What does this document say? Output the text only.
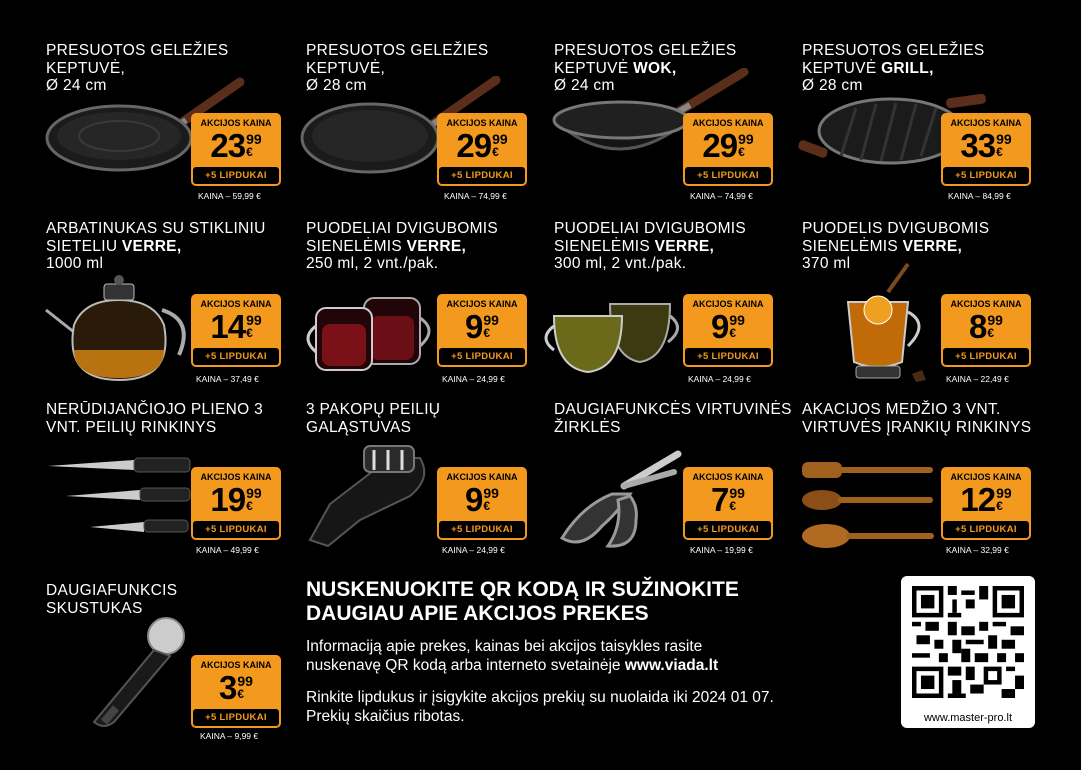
PRESUOTOS GELEŽIES KEPTUVĖ,
Ø 24 cm
PRESUOTOS GELEŽIES KEPTUVĖ,
Ø 28 cm
PRESUOTOS GELEŽIES KEPTUVĖ WOK,
Ø 24 cm
PRESUOTOS GELEŽIES KEPTUVĖ GRILL,
Ø 28 cm
ARBATINUKAS SU STIKLINIU SIETELIU VERRE,
1000 ml
PUODELIAI DVIGUBOMIS SIENELĖMIS VERRE,
250 ml, 2 vnt./pak.
PUODELIAI DVIGUBOMIS SIENELĖMIS VERRE,
300 ml, 2 vnt./pak.
PUODELIS DVIGUBOMIS SIENELĖMIS VERRE,
370 ml
NERŪDIJANČIOJO PLIENO 3 VNT. PEILIŲ RINKINYS
3 PAKOPŲ PEILIŲ GALĄSTUVAS
DAUGIAFUNKCĖS VIRTUVINĖS ŽIRKLĖS
AKACIJOS MEDŽIO 3 VNT. VIRTUVĖS ĮRANKIŲ RINKINYS
DAUGIAFUNKCIS SKUSTUKAS
AKCIJOS KAINA
23 99
€
+5 LIPDUKAI
AKCIJOS KAINA
29 99
€
+5 LIPDUKAI
AKCIJOS KAINA
29 99
€
+5 LIPDUKAI
AKCIJOS KAINA
33 99
€
+5 LIPDUKAI
AKCIJOS KAINA
14 99
€
+5 LIPDUKAI
AKCIJOS KAINA
9 99
€
+5 LIPDUKAI
AKCIJOS KAINA
9 99
€
+5 LIPDUKAI
AKCIJOS KAINA
8 99
€
+5 LIPDUKAI
AKCIJOS KAINA
19 99
€
+5 LIPDUKAI
AKCIJOS KAINA
9 99
€
+5 LIPDUKAI
AKCIJOS KAINA
7 99
€
+5 LIPDUKAI
AKCIJOS KAINA
12 99
€
+5 LIPDUKAI
AKCIJOS KAINA
3 99
€
+5 LIPDUKAI
KAINA – 59,99 €	KAINA – 74,99 €	KAINA – 74,99 €	KAINA – 84,99 €
KAINA – 37,49 €	KAINA – 24,99 €	KAINA – 24,99 €	KAINA – 22,49 €
KAINA – 49,99 €	KAINA – 24,99 €	KAINA – 19,99 €	KAINA – 32,99 €
KAINA – 9,99 €
NUSKENUOKITE QR KODĄ IR SUŽINOKITE
DAUGIAU APIE AKCIJOS PREKES
Informaciją apie prekes, kainas bei akcijos taisykles rasite
nuskenavę QR kodą arba interneto svetainėje www.viada.lt
Rinkite lipdukus ir įsigykite akcijos prekių su nuolaida iki 2024 01 07.
Prekių skaičius ribotas.	www.master-pro.lt
